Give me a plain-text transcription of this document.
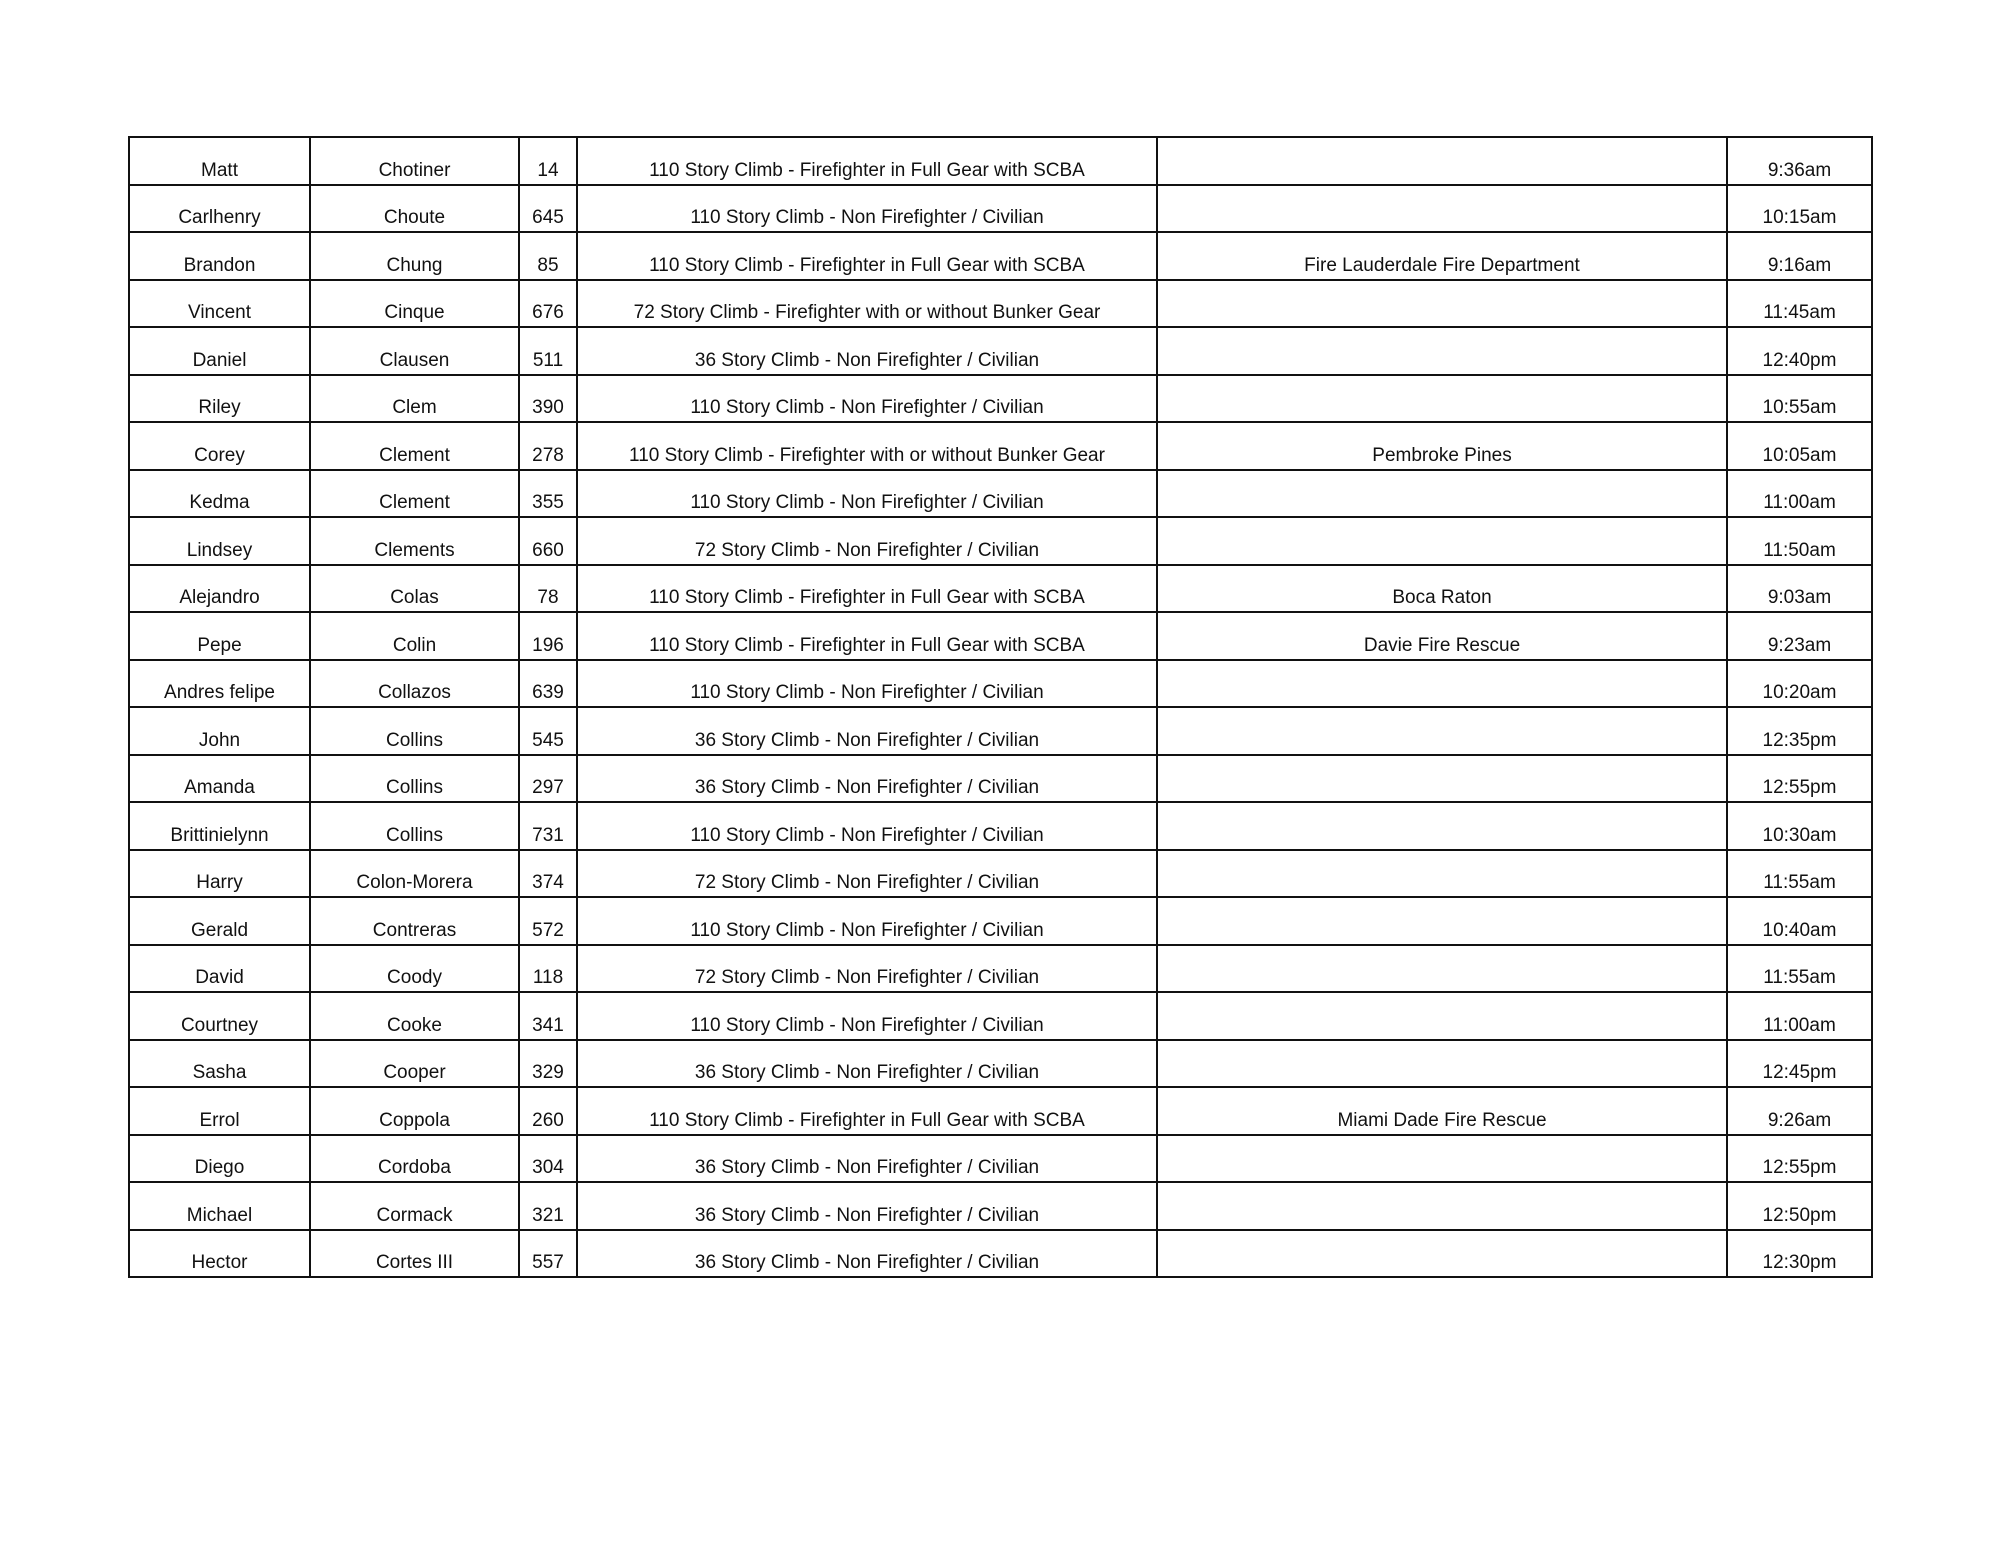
Matt	Chotiner	14	110 Story Climb - Firefighter in Full Gear with SCBA		9:36am
Carlhenry	Choute	645	110 Story Climb - Non Firefighter / Civilian		10:15am
Brandon	Chung	85	110 Story Climb - Firefighter in Full Gear with SCBA	Fire Lauderdale Fire Department	9:16am
Vincent	Cinque	676	72 Story Climb - Firefighter with or without Bunker Gear		11:45am
Daniel	Clausen	511	36 Story Climb - Non Firefighter / Civilian		12:40pm
Riley	Clem	390	110 Story Climb - Non Firefighter / Civilian		10:55am
Corey	Clement	278	110 Story Climb - Firefighter with or without Bunker Gear	Pembroke Pines	10:05am
Kedma	Clement	355	110 Story Climb - Non Firefighter / Civilian		11:00am
Lindsey	Clements	660	72 Story Climb - Non Firefighter / Civilian		11:50am
Alejandro	Colas	78	110 Story Climb - Firefighter in Full Gear with SCBA	Boca Raton	9:03am
Pepe	Colin	196	110 Story Climb - Firefighter in Full Gear with SCBA	Davie Fire Rescue	9:23am
Andres felipe	Collazos	639	110 Story Climb - Non Firefighter / Civilian		10:20am
John	Collins	545	36 Story Climb - Non Firefighter / Civilian		12:35pm
Amanda	Collins	297	36 Story Climb - Non Firefighter / Civilian		12:55pm
Brittinielynn	Collins	731	110 Story Climb - Non Firefighter / Civilian		10:30am
Harry	Colon-Morera	374	72 Story Climb - Non Firefighter / Civilian		11:55am
Gerald	Contreras	572	110 Story Climb - Non Firefighter / Civilian		10:40am
David	Coody	118	72 Story Climb - Non Firefighter / Civilian		11:55am
Courtney	Cooke	341	110 Story Climb - Non Firefighter / Civilian		11:00am
Sasha	Cooper	329	36 Story Climb - Non Firefighter / Civilian		12:45pm
Errol	Coppola	260	110 Story Climb - Firefighter in Full Gear with SCBA	Miami Dade Fire Rescue	9:26am
Diego	Cordoba	304	36 Story Climb - Non Firefighter / Civilian		12:55pm
Michael	Cormack	321	36 Story Climb - Non Firefighter / Civilian		12:50pm
Hector	Cortes III	557	36 Story Climb - Non Firefighter / Civilian		12:30pm
